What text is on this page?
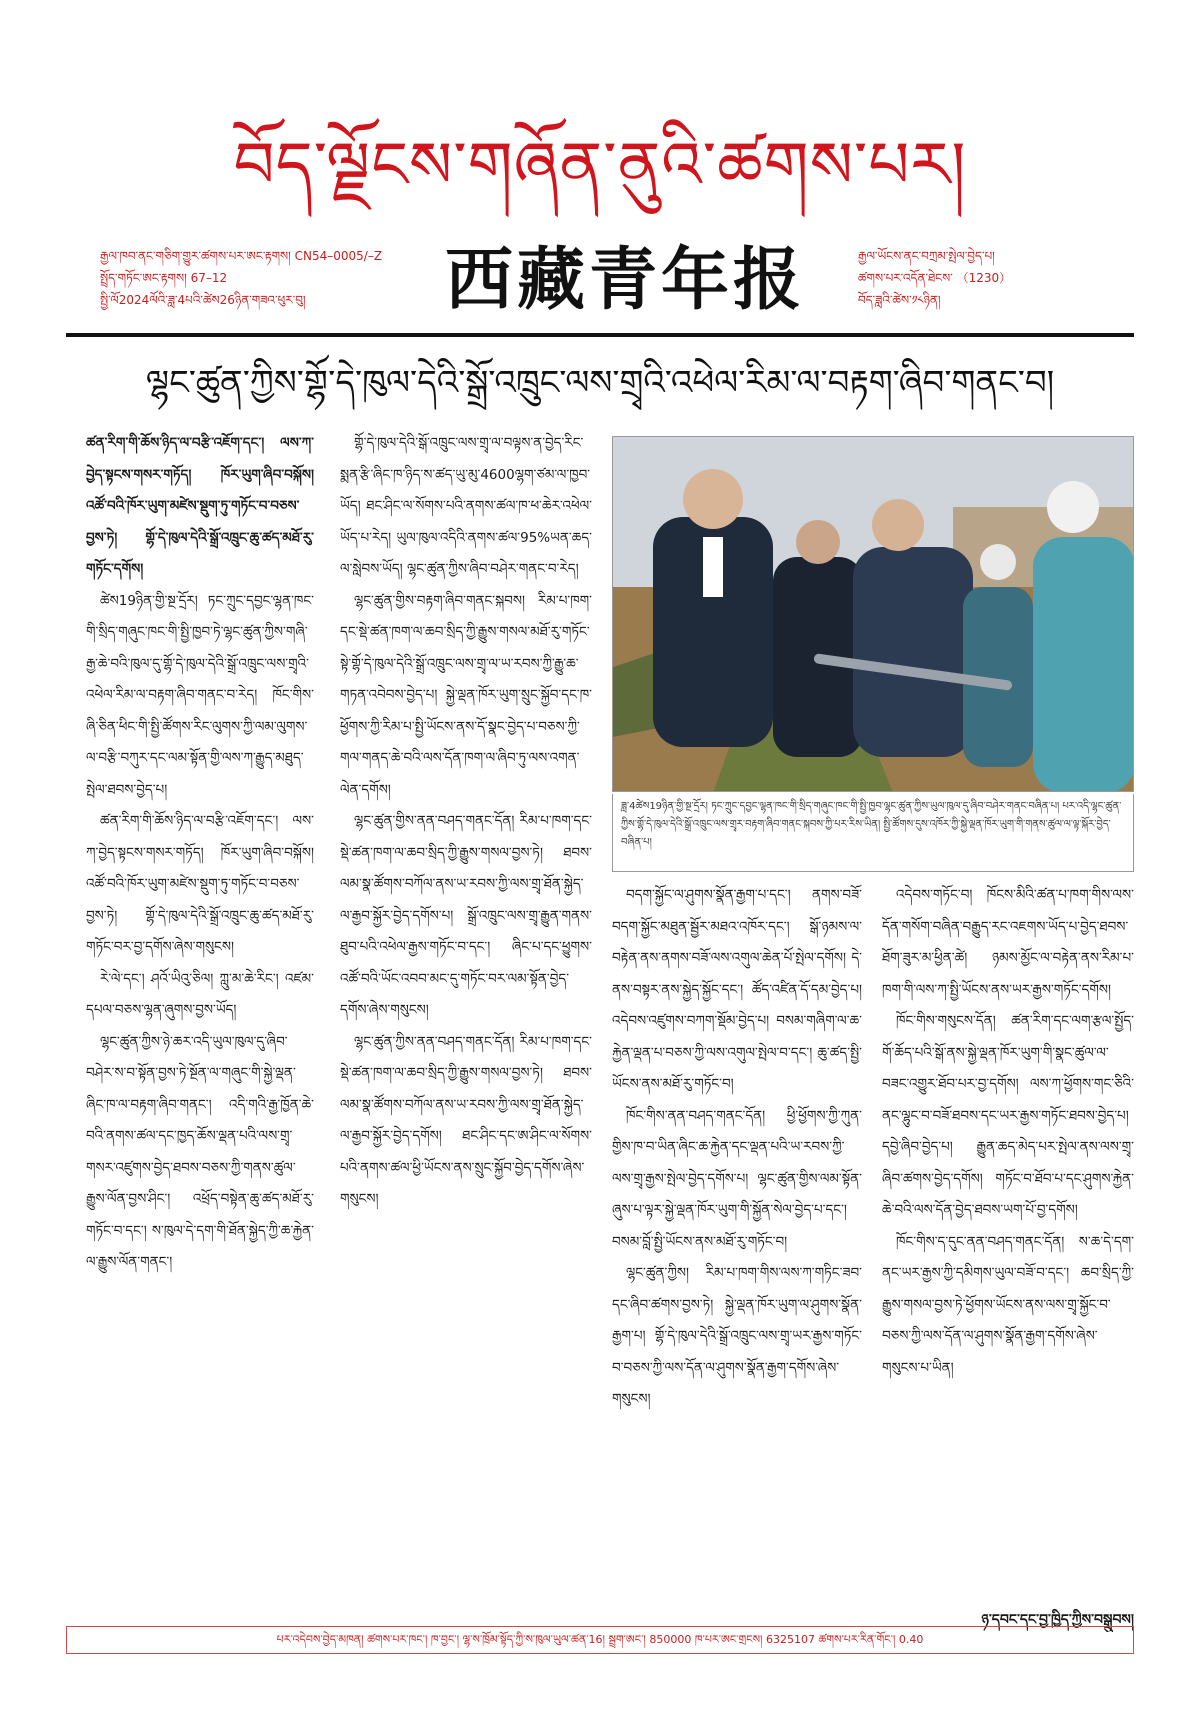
བོད་ལྗོངས་གཞོན་ནུའི་ཚགས་པར།
རྒྱལ་ཁབ་ནང་གཅིག་གྱུར་ཚགས་པར་ཨང་རྟགས། CN54–0005/–Z
སྤྲོད་གཏོང་ཨང་རྟགས། 67–12
སྤྱི་ལོ2024ལོའི་ཟླ་4པའི་ཚེས26ཉིན་གཟའ་ཕུར་བུ།	西藏青年报	རྒྱལ་ཡོངས་ནང་བཀྲམ་སྤེལ་བྱེད་པ།
ཚགས་པར་འདོན་ཐེངས་ （1230）
བོད་ཟླའི་ཚེས་༡༨ཉིན།
ལྷང་ཚུན་ཀྱིས་གྷོ་དེ་ཁུལ་དེའི་སྒྲོ་འཁྲུང་ལས་གྲྭའི་འཕེལ་རིམ་ལ་བརྟག་ཞིབ་གནང་བ།

ཚན་རིག་གི་ཆོས་ཉིད་ལ་བརྩི་འཇོག་དང་། ལས་ཀ་བྱེད་སྟངས་གསར་གཏོད། ཁོར་ཡུག་ཞིབ་བསྐོས། འཚོ་བའི་ཁོར་ཡུག་མཛེས་སྡུག་ཏུ་གཏོང་བ་བཅས་བྱས་ཏེ། གྷོ་དེ་ཁུལ་དེའི་སྒྲོ་འཁྲུང་ཆུ་ཚད་མཐོ་རུ་གཏོང་དགོས།

ཚེས19ཉིན་གྱི་སྔ་དྲོར། ཏང་ཀྲུང་དབྱང་ལྷན་ཁང་གི་སྲིད་གཞུང་ཁང་གི་སྤྱི་ཁྱབ་ཏེ་ལྷང་ཚུན་ཀྱིས་གཞི་རྒྱ་ཆེ་བའི་ཁུལ་དུ་གྷོ་དེ་ཁུལ་དེའི་སྒྲོ་འཁྲུང་ལས་གྲྭའི་འཕེལ་རིམ་ལ་བརྟག་ཞིབ་གནང་བ་རེད། ཁོང་གིས་ཞི་ཅིན་ཕིང་གི་སྤྱི་ཚོགས་རིང་ལུགས་ཀྱི་ལམ་ལུགས་ལ་བརྩི་བཀུར་དང་ལམ་སྟོན་གྱི་ལས་ཀ་རྒྱུད་མཐུད་སྤེལ་ཐབས་བྱེད་པ།

ཚན་རིག་གི་ཆོས་ཉིད་ལ་བརྩི་འཇོག་དང་། ལས་ཀ་བྱེད་སྟངས་གསར་གཏོད། ཁོར་ཡུག་ཞིབ་བསྐོས། འཚོ་བའི་ཁོར་ཡུག་མཛེས་སྡུག་ཏུ་གཏོང་བ་བཅས་བྱས་ཏེ། གྷོ་དེ་ཁུལ་དེའི་སྒྲོ་འཁྲུང་ཆུ་ཚད་མཐོ་རུ་གཏོང་བར་བྱ་དགོས་ཞེས་གསུངས།

རེ་ལེ་དང་། ཤའོ་ཡིའུ་ཅིལ། ཀླུ་མ་ཆེ་རིང་། འཛམ་དཔལ་བཅས་ལྷན་ཞུགས་བྱས་ཡོད།

ལྷང་ཚུན་ཀྱིས་ཉེ་ཆར་འདི་ཡུལ་ཁུལ་དུ་ཞིབ་བཤེར་ས་བ་སྟོན་བྱས་ཏེ་སྔོན་ལ་གཞུང་གི་སྐྱེ་ལྡན་ཞིང་ཁ་ལ་བརྟག་ཞིབ་གནང་། འདི་གའི་རྒྱ་ཁྱོན་ཆེ་བའི་ནགས་ཚལ་དང་ཁྱད་ཆོས་ལྡན་པའི་ལས་གྲྭ་གསར་འཛུགས་བྱེད་ཐབས་བཅས་ཀྱི་གནས་ཚུལ་རྒྱུས་ལོན་བྱས་ཤིང་། འཕྲོད་བསྟེན་ཆུ་ཚད་མཐོ་རུ་གཏོང་བ་དང་། ས་ཁུལ་དེ་དག་གི་ཐོན་སྐྱེད་ཀྱི་ཆ་རྐྱེན་ལ་རྒྱུས་ལོན་གནང་།

གྷོ་དེ་ཁུལ་དེའི་སྒོ་འཁྲུང་ལས་གྲྭ་ལ་བལྟས་ན་བྱེད་རིང་སྨན་རྩི་ཞིང་ཁ་ཉིད་ས་ཚད་ཡུ་མུ་4600ལྷག་ཙམ་ལ་ཁྱབ་ཡོད། ཐང་ཤིང་ལ་སོགས་པའི་ནགས་ཚལ་ཁ་ཕ་ཆེར་འཕེལ་ཡོད་པ་རེད། ཡུལ་ཁུལ་འདིའི་ནགས་ཚལ་95%ཡན་ཆད་ལ་སླེབས་ཡོད། ལྷང་ཚུན་ཀྱིས་ཞིབ་བཤེར་གནང་བ་རེད།

ལྷང་ཚུན་གྱིས་བརྟག་ཞིབ་གནང་སྐབས། རིམ་པ་ཁག་དང་སྡེ་ཚན་ཁག་ལ་ཆབ་སྲིད་ཀྱི་རྒྱུས་གསལ་མཐོ་རུ་གཏོང་སྟེ་གྷོ་དེ་ཁུལ་དེའི་སྒྲོ་འཁྲུང་ལས་གྲྭ་ལ་ཡ་རབས་ཀྱི་རྒྱུ་ཆ་གཏན་འབེབས་བྱེད་པ། སྐྱེ་ལྡན་ཁོར་ཡུག་སྲུང་སྐྱོབ་དང་ཁ་ཕྱོགས་ཀྱི་རིམ་པ་སྤྱི་ཡོངས་ནས་དོ་སྣང་བྱེད་པ་བཅས་ཀྱི་གལ་གནད་ཆེ་བའི་ལས་དོན་ཁག་ལ་ཞིབ་ཏུ་ལས་འགན་ལེན་དགོས།

ལྷང་ཚུན་གྱིས་ནན་བཤད་གནང་དོན། རིམ་པ་ཁག་དང་སྡེ་ཚན་ཁག་ལ་ཆབ་སྲིད་ཀྱི་རྒྱུས་གསལ་བྱས་ཏེ། ཐབས་ལམ་སྣ་ཚོགས་བཀོལ་ནས་ཡ་རབས་ཀྱི་ལས་གྲྭ་ཐོན་སྐྱེད་ལ་རྒྱབ་སྐྱོར་བྱེད་དགོས་པ། སྒྲོ་འཁྲུང་ལས་གྲྭ་རྒྱུན་གནས་ཐུབ་པའི་འཕེལ་རྒྱས་གཏོང་བ་དང་། ཞིང་པ་དང་ཕྱུགས་འཚོ་བའི་ཡོང་འབབ་མང་དུ་གཏོང་བར་ལམ་སྟོན་བྱེད་དགོས་ཞེས་གསུངས།

ལྷང་ཚུན་ཀྱིས་ནན་བཤད་གནང་དོན། རིམ་པ་ཁག་དང་སྡེ་ཚན་ཁག་ལ་ཆབ་སྲིད་ཀྱི་རྒྱུས་གསལ་བྱས་ཏེ། ཐབས་ལམ་སྣ་ཚོགས་བཀོལ་ནས་ཡ་རབས་ཀྱི་ལས་གྲྭ་ཐོན་སྐྱེད་ལ་རྒྱབ་སྐྱོར་བྱེད་དགོས། ཐང་ཤིང་དང་ཨ་ཤིང་ལ་སོགས་པའི་ནགས་ཚལ་ཕྱི་ཡོངས་ནས་སྲུང་སྐྱོབ་བྱེད་དགོས་ཞེས་གསུངས།

ཟླ་4ཚེས19ཉིན་གྱི་སྔ་དྲོར། ཏང་ཀྲུང་དབྱང་ལྷན་ཁང་གི་སྲིད་གཞུང་ཁང་གི་སྤྱི་ཁྱབ་ལྷང་ཚུན་ཀྱིས་ཡུལ་ཁུལ་དུ་ཞིབ་བཤེར་གནང་བཞིན་པ། པར་འདི་ལྷང་ཚུན་ཀྱིས་གྷོ་དེ་ཁུལ་དེའི་སྒྲོ་འཁྲུང་ལས་གྲྭར་བརྟག་ཞིབ་གནང་སྐབས་ཀྱི་པར་རིས་ཡིན། སྤྱི་ཚོགས་དུས་འཁོར་ཀྱི་སྐྱེ་ལྡན་ཁོར་ཡུག་གི་གནས་ཚུལ་ལ་ལྟ་སྐོར་བྱེད་བཞིན་པ།

བདག་སྐྱོང་ལ་ཤུགས་སྣོན་རྒྱག་པ་དང་། ནགས་བཟོ་བདག་སྐྱོང་མཐུན་སྦྱོར་མཐའ་འཁོར་དང་། སྒོ་ཉམས་ལ་བརྟེན་ནས་ནགས་བཟོ་ལས་འགུལ་ཆེན་པོ་སྤེལ་དགོས། དེ་ནས་བསྟར་ནས་སྐྱེད་སྐྱོང་དང་། ཚོད་འཛིན་དོ་དམ་བྱེད་པ། འདེབས་འཛུགས་བཀག་སྡོམ་བྱེད་པ། བསམ་གཞིག་ལ་ཆ་རྐྱེན་ལྡན་པ་བཅས་ཀྱི་ལས་འགུལ་སྤེལ་བ་དང་། ཆུ་ཚད་སྤྱི་ཡོངས་ནས་མཐོ་རུ་གཏོང་བ།

ཁོང་གིས་ནན་བཤད་གནང་དོན། ཕྱི་ཕྱོགས་ཀྱི་ཀུན་གྱིས་ཁ་བ་ཡིན་ཞིང་ཆ་རྐྱེན་དང་ལྡན་པའི་ཡ་རབས་ཀྱི་ལས་གྲྭ་རྒྱས་སྤེལ་བྱེད་དགོས་པ། ལྷང་ཚུན་གྱིས་ལམ་སྟོན་ཞུས་པ་ལྟར་སྐྱེ་ལྡན་ཁོར་ཡུག་གི་སྐྱོན་སེལ་བྱེད་པ་དང་། བསམ་བློ་སྤྱི་ཡོངས་ནས་མཐོ་རུ་གཏོང་བ།

ལྷང་ཚུན་ཀྱིས། རིམ་པ་ཁག་གིས་ལས་ཀ་གཏིང་ཟབ་དང་ཞིབ་ཚགས་བྱས་ཏེ། སྐྱེ་ལྡན་ཁོར་ཡུག་ལ་ཤུགས་སྣོན་རྒྱག་པ། གྷོ་དེ་ཁུལ་དེའི་སྒྲོ་འཁྲུང་ལས་གྲྭ་ཡར་རྒྱས་གཏོང་བ་བཅས་ཀྱི་ལས་དོན་ལ་ཤུགས་སྣོན་རྒྱག་དགོས་ཞེས་གསུངས།

འདེབས་གཏོང་བ། ཁོངས་མིའི་ཚན་པ་ཁག་གིས་ལས་དོན་གསོག་བཞིན་བརྒྱུད་རང་འཇགས་ཡོད་པ་བྱེད་ཐབས་ཐོག་ཟུར་མ་ཕྱིན་ཚེ། ཉམས་མྱོང་ལ་བརྟེན་ནས་རིམ་པ་ཁག་གི་ལས་ཀ་སྤྱི་ཡོངས་ནས་ཡར་རྒྱས་གཏོང་དགོས།

ཁོང་གིས་གསུངས་དོན། ཚན་རིག་དང་ལག་རྩལ་སྤྱོད་གོ་ཆོད་པའི་སྒོ་ནས་སྐྱེ་ལྡན་ཁོར་ཡུག་གི་སྣང་ཚུལ་ལ་བཟང་འགྱུར་ཐོབ་པར་བྱ་དགོས། ལས་ཀ་ཕྱོགས་གང་ཅིའི་ནང་ལྷུང་བ་བཟོ་ཐབས་དང་ཡར་རྒྱས་གཏོང་ཐབས་བྱེད་པ། དབྱེ་ཞིབ་བྱེད་པ། རྒྱུན་ཆད་མེད་པར་སྤེལ་ནས་ལས་གྲྭ་ཞིབ་ཚགས་བྱེད་དགོས། གཏོང་བ་ཐོབ་པ་དང་ཤུགས་རྐྱེན་ཆེ་བའི་ལས་དོན་བྱེད་ཐབས་ཡག་པོ་བྱ་དགོས།

ཁོང་གིས་ད་དུང་ནན་བཤད་གནང་དོན། ས་ཆ་དེ་དག་ནང་ཡར་རྒྱས་ཀྱི་དམིགས་ཡུལ་བཟོ་བ་དང་། ཆབ་སྲིད་ཀྱི་རྒྱུས་གསལ་བྱས་ཏེ་ཕྱོགས་ཡོངས་ནས་ལས་གྲྭ་སྐྱོང་བ་བཅས་ཀྱི་ལས་དོན་ལ་ཤུགས་སྣོན་རྒྱག་དགོས་ཞེས་གསུངས་པ་ཡིན།

ཉ་དབང་དང་བྱ་ཁྱིད་ཀྱིས་བསྒྲུབས།
པར་འདེབས་བྱེད་མཁན། ཚགས་པར་ཁང་། ཁ་བྱང་། ལྷ་ས་ཁྲོམ་སྟོད་ཀྱི་ས་ཁུལ་ཡུལ་ཚན་16། སྦྲག་ཨང་། 850000 ཁ་པར་ཨང་གྲངས། 6325107 ཚགས་པར་རིན་གོང་། 0.40
